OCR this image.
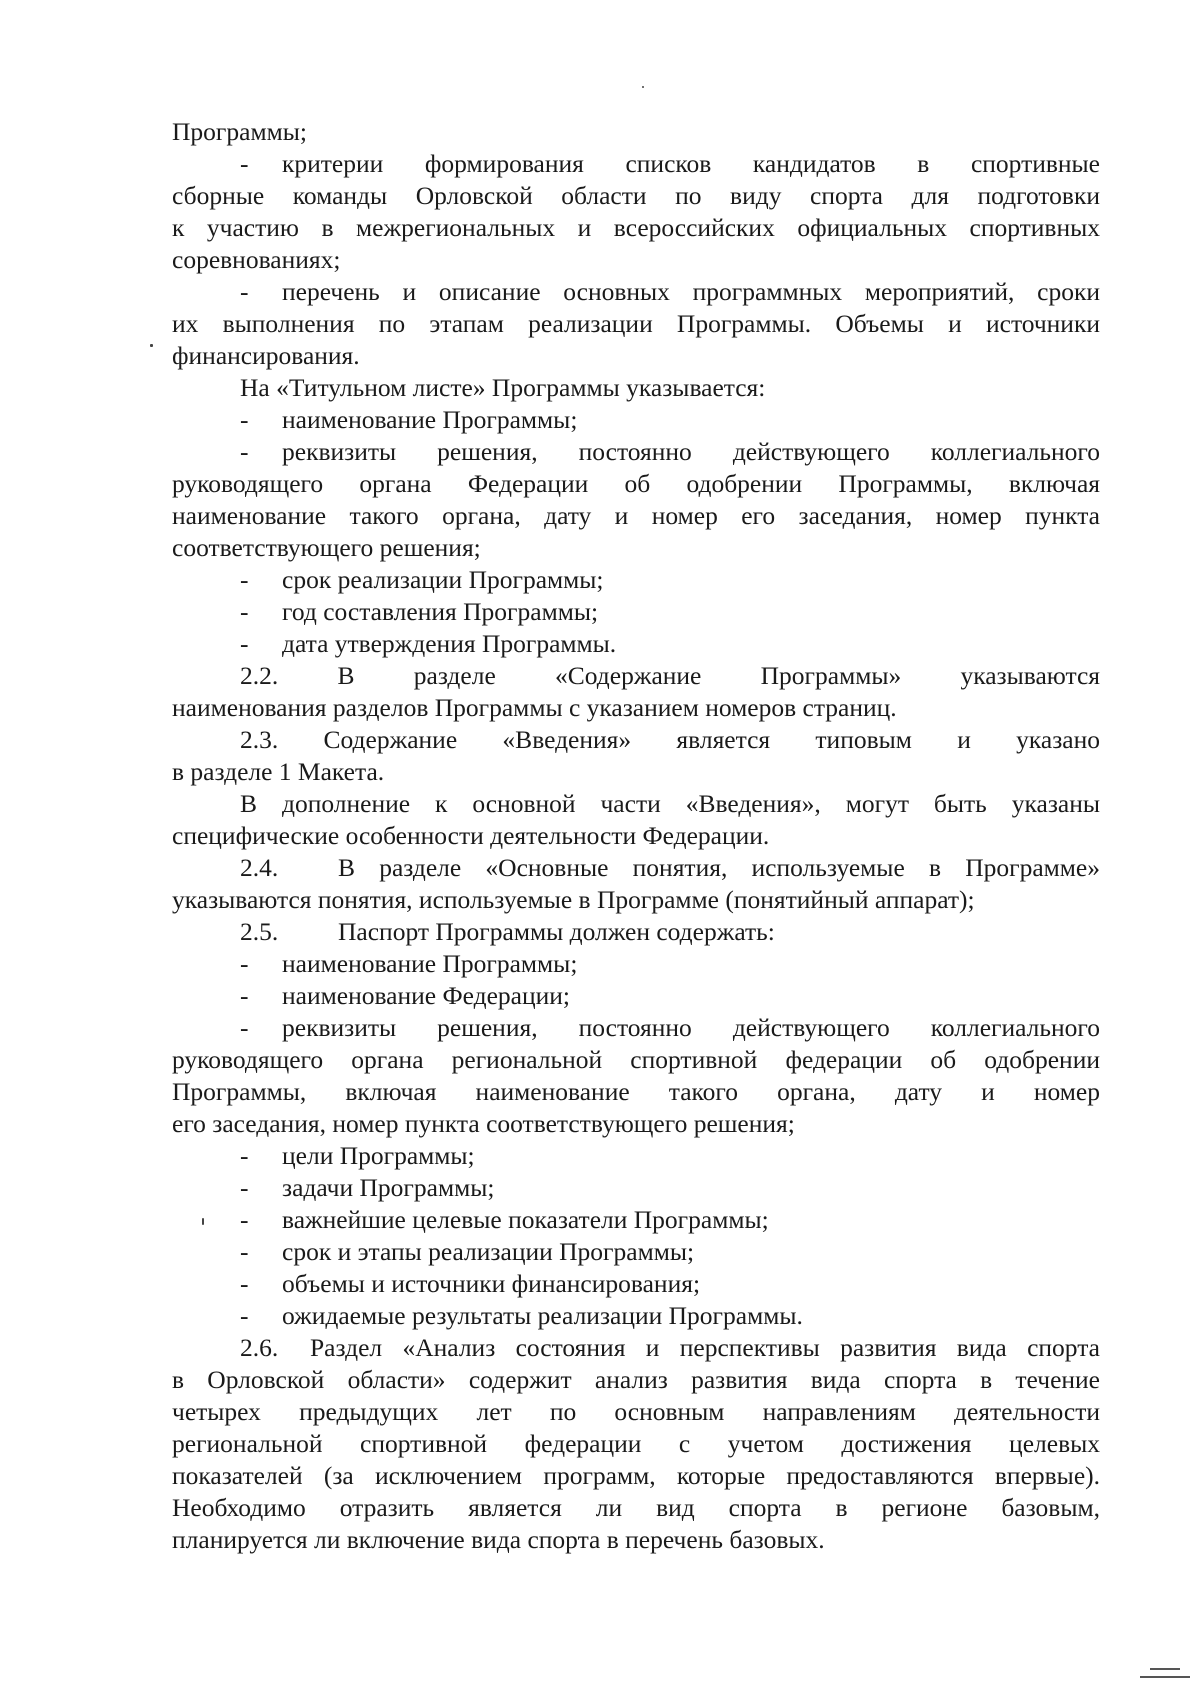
Программы;
-	критерии формирования списков кандидатов в спортивные
сборные команды Орловской области по виду спорта для подготовки
к участию в межрегиональных и всероссийских официальных спортивных
соревнованиях;
-	перечень и описание основных программных мероприятий, сроки
их выполнения по этапам реализации Программы. Объемы и источники
финансирования.
На «Титульном листе» Программы указывается:
-	наименование Программы;
-	реквизиты решения, постоянно действующего коллегиального
руководящего органа Федерации об одобрении Программы, включая
наименование такого органа, дату и номер его заседания, номер пункта
соответствующего решения;
-	срок реализации Программы;
-	год составления Программы;
-	дата утверждения Программы.
2.2. В разделе «Содержание Программы» указываются
наименования разделов Программы с указанием номеров страниц.
2.3. Содержание «Введения» является типовым и указано
в разделе 1 Макета.
В дополнение к основной части «Введения», могут быть указаны
специфические особенности деятельности Федерации.
2.4. В разделе «Основные понятия, используемые в Программе»
указываются понятия, используемые в Программе (понятийный аппарат);
2.5. Паспорт Программы должен содержать:
-	наименование Программы;
-	наименование Федерации;
-	реквизиты решения, постоянно действующего коллегиального
руководящего органа региональной спортивной федерации об одобрении
Программы, включая наименование такого органа, дату и номер
его заседания, номер пункта соответствующего решения;
-	цели Программы;
-	задачи Программы;
-	важнейшие целевые показатели Программы;
-	срок и этапы реализации Программы;
-	объемы и источники финансирования;
-	ожидаемые результаты реализации Программы.
2.6. Раздел «Анализ состояния и перспективы развития вида спорта
в Орловской области» содержит анализ развития вида спорта в течение
четырех предыдущих лет по основным направлениям деятельности
региональной спортивной федерации с учетом достижения целевых
показателей (за исключением программ, которые предоставляются впервые).
Необходимо отразить является ли вид спорта в регионе базовым,
планируется ли включение вида спорта в перечень базовых.
